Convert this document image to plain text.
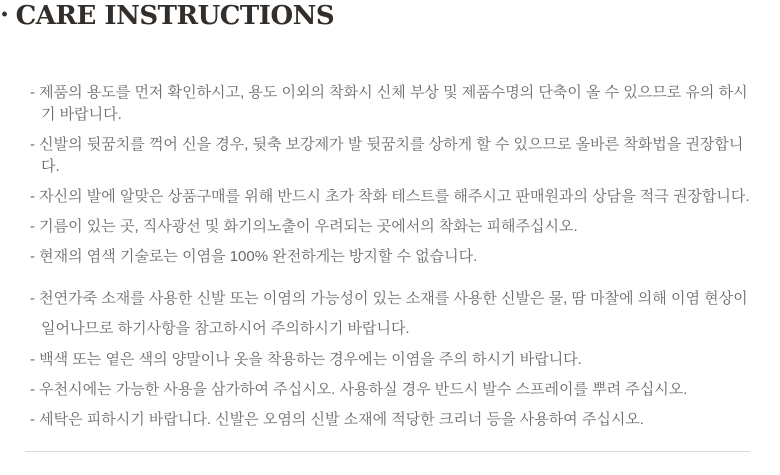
· CARE INSTRUCTIONS

- 제품의 용도를 먼저 확인하시고, 용도 이외의 착화시 신체 부상 및 제품수명의 단축이 올 수 있으므로 유의 하시기 바랍니다.

- 신발의 뒷꿈치를 꺽어 신을 경우, 뒷축 보강제가 발 뒷꿈치를 상하게 할 수 있으므로 올바른 착화법을 권장합니다.

- 자신의 발에 알맞은 상품구매를 위해 반드시 초가 착화 테스트를 해주시고 판매원과의 상담을 적극 권장합니다.

- 기름이 있는 곳, 직사광선 및 화기의노출이 우려되는 곳에서의 착화는 피해주십시오.

- 현재의 염색 기술로는 이염을 100% 완전하게는 방지할 수 없습니다.

- 천연가죽 소재를 사용한 신발 또는 이염의 가능성이 있는 소재를 사용한 신발은 물, 땀 마찰에 의해 이염 현상이 일어나므로 하기사항을 참고하시어 주의하시기 바랍니다.

- 백색 또는 옅은 색의 양말이나 옷을 착용하는 경우에는 이염을 주의 하시기 바랍니다.

- 우천시에는 가능한 사용을 삼가하여 주십시오. 사용하실 경우 반드시 발수 스프레이를 뿌려 주십시오.

- 세탁은 피하시기 바랍니다. 신발은 오염의 신발 소재에 적당한 크리너 등을 사용하여 주십시오.
